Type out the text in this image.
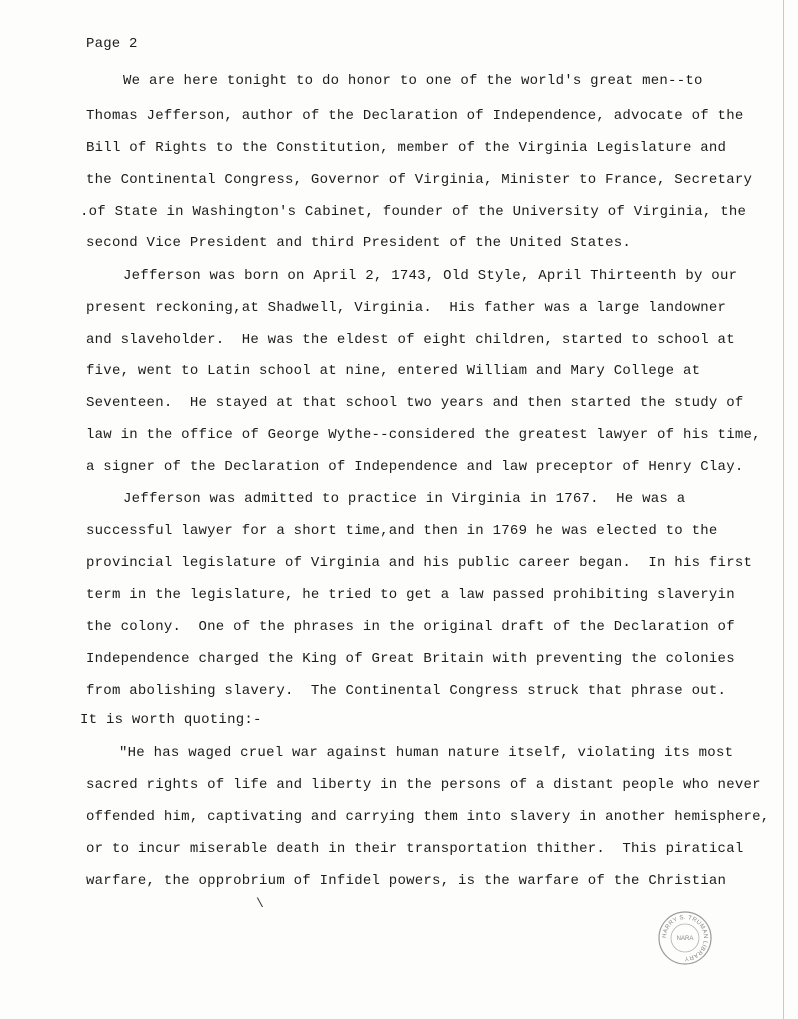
Page 2
We are here tonight to do honor to one of the world's great men--to
Thomas Jefferson, author of the Declaration of Independence, advocate of the
Bill of Rights to the Constitution, member of the Virginia Legislature and
the Continental Congress, Governor of Virginia, Minister to France, Secretary
.of State in Washington's Cabinet, founder of the University of Virginia, the
second Vice President and third President of the United States.
Jefferson was born on April 2, 1743, Old Style, April Thirteenth by our
present reckoning,at Shadwell, Virginia.  His father was a large landowner
and slaveholder.  He was the eldest of eight children, started to school at
five, went to Latin school at nine, entered William and Mary College at
Seventeen.  He stayed at that school two years and then started the study of
law in the office of George Wythe--considered the greatest lawyer of his time,
a signer of the Declaration of Independence and law preceptor of Henry Clay.
Jefferson was admitted to practice in Virginia in 1767.  He was a
successful lawyer for a short time,and then in 1769 he was elected to the
provincial legislature of Virginia and his public career began.  In his first
term in the legislature, he tried to get a law passed prohibiting slaveryin
the colony.  One of the phrases in the original draft of the Declaration of
Independence charged the King of Great Britain with preventing the colonies
from abolishing slavery.  The Continental Congress struck that phrase out.
It is worth quoting:-
"He has waged cruel war against human nature itself, violating its most
sacred rights of life and liberty in the persons of a distant people who never
offended him, captivating and carrying them into slavery in another hemisphere,
or to incur miserable death in their transportation thither.  This piratical
warfare, the opprobrium of Infidel powers, is the warfare of the Christian
\
HARRY S. TRUMAN LIBRARY
NARA
